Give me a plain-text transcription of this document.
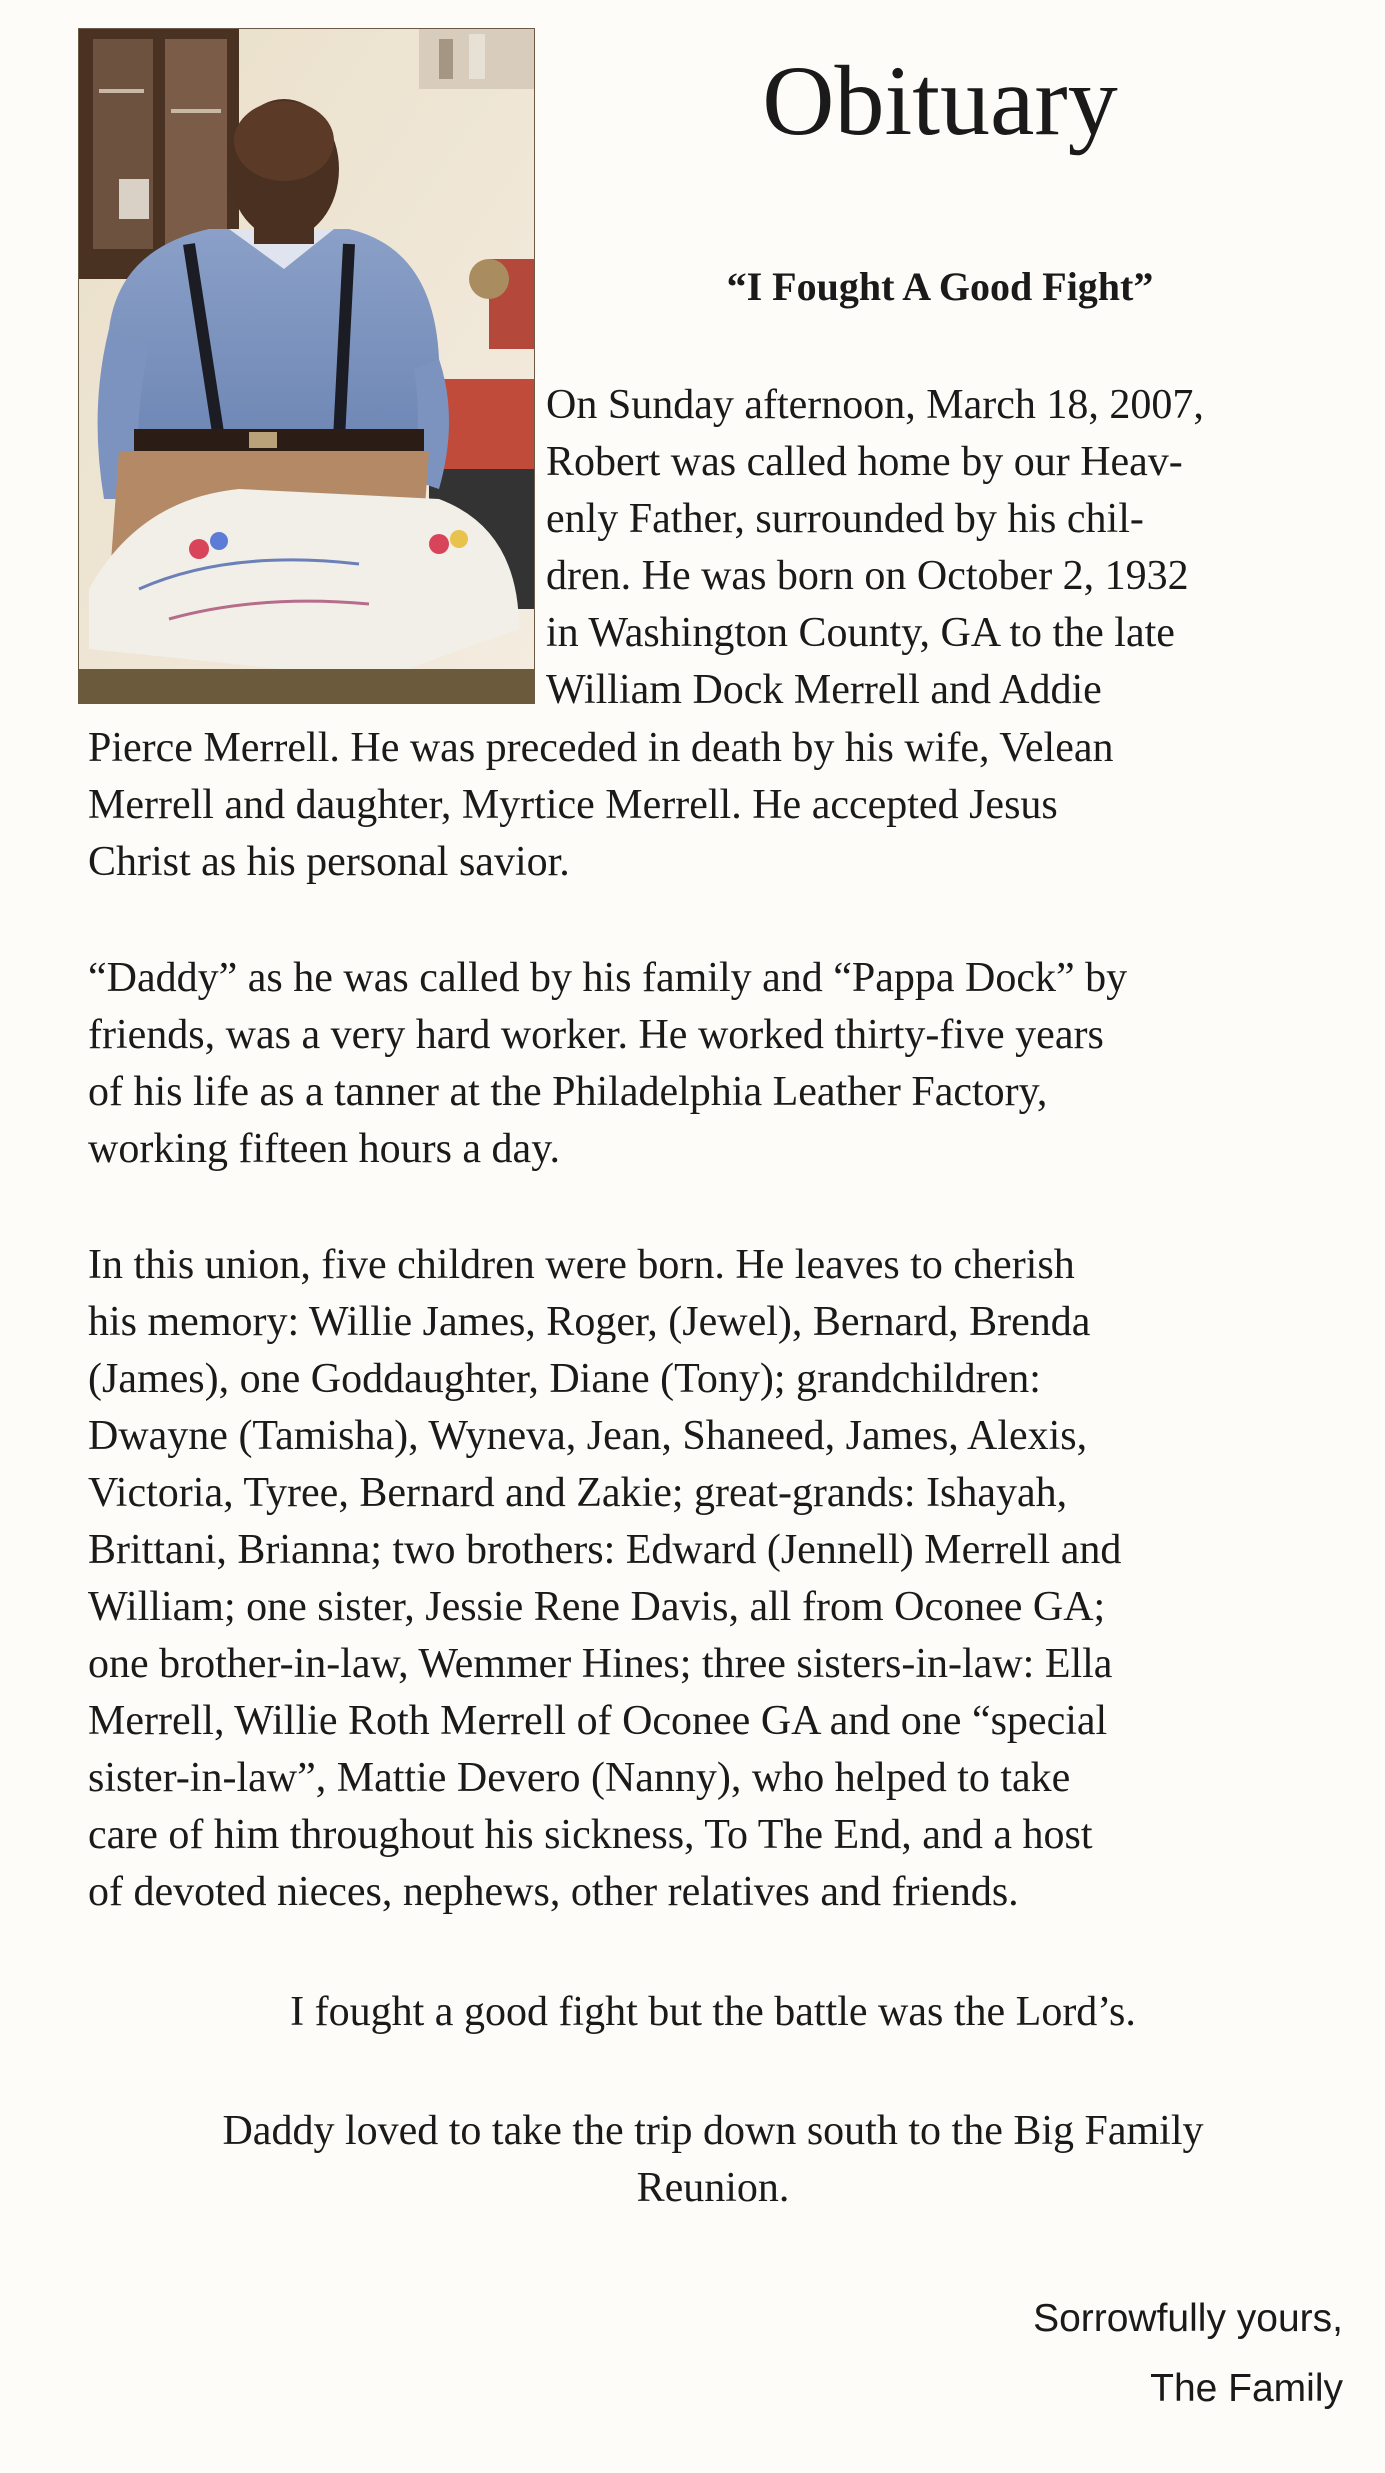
Obituary
“I Fought A Good Fight”
On Sunday afternoon, March 18, 2007,
Robert was called home by our Heav-
enly Father, surrounded by his chil-
dren. He was born on October 2, 1932
in Washington County, GA to the late
William Dock Merrell and Addie
Pierce Merrell. He was preceded in death by his wife, Velean
Merrell and daughter, Myrtice Merrell. He accepted Jesus
Christ as his personal savior.
“Daddy” as he was called by his family and “Pappa Dock” by
friends, was a very hard worker. He worked thirty-five years
of his life as a tanner at the Philadelphia Leather Factory,
working fifteen hours a day.
In this union, five children were born. He leaves to cherish
his memory: Willie James, Roger, (Jewel), Bernard, Brenda
(James), one Goddaughter, Diane (Tony); grandchildren:
Dwayne (Tamisha), Wyneva, Jean, Shaneed, James, Alexis,
Victoria, Tyree, Bernard and Zakie; great-grands: Ishayah,
Brittani, Brianna; two brothers: Edward (Jennell) Merrell and
William; one sister, Jessie Rene Davis, all from Oconee GA;
one brother-in-law, Wemmer Hines; three sisters-in-law: Ella
Merrell, Willie Roth Merrell of Oconee GA and one “special
sister-in-law”, Mattie Devero (Nanny), who helped to take
care of him throughout his sickness, To The End, and a host
of devoted nieces, nephews, other relatives and friends.
I fought a good fight but the battle was the Lord’s.
Daddy loved to take the trip down south to the Big Family
Reunion.
Sorrowfully yours,
The Family
